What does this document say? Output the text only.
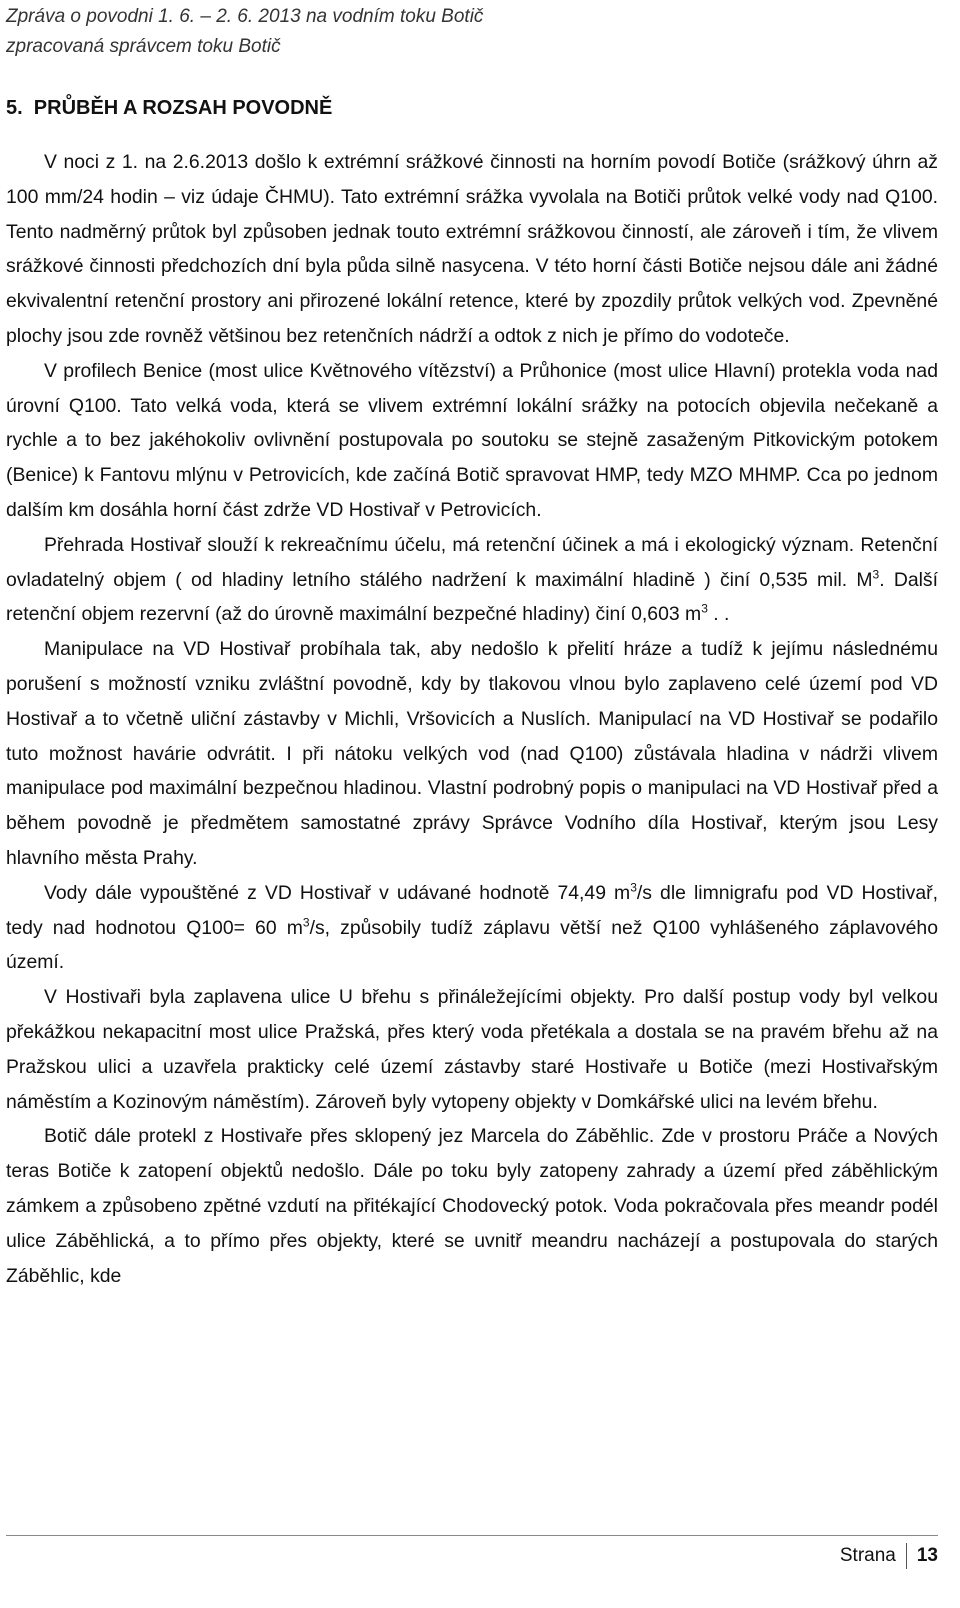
Zpráva o povodni 1. 6. – 2. 6. 2013 na vodním toku Botič
zpracovaná správcem toku Botič
5.  PRŮBĚH A ROZSAH POVODNĚ

V noci z 1. na 2.6.2013 došlo k extrémní srážkové činnosti na horním povodí Botiče (srážkový úhrn až 100 mm/24 hodin – viz údaje ČHMU). Tato extrémní srážka vyvolala na Botiči průtok velké vody nad Q100. Tento nadměrný průtok byl způsoben jednak touto extrémní srážkovou činností, ale zároveň i tím, že vlivem srážkové činnosti předchozích dní byla půda silně nasycena. V této horní části Botiče nejsou dále ani žádné ekvivalentní retenční prostory ani přirozené lokální retence, které by zpozdily průtok velkých vod. Zpevněné plochy jsou zde rovněž většinou bez retenčních nádrží a odtok z nich je přímo do vodoteče.

V profilech Benice (most ulice Květnového vítězství) a Průhonice (most ulice Hlavní) protekla voda nad úrovní Q100. Tato velká voda, která se vlivem extrémní lokální srážky na potocích objevila nečekaně a rychle a to bez jakéhokoliv ovlivnění postupovala po soutoku se stejně zasaženým Pitkovickým potokem (Benice) k Fantovu mlýnu v Petrovicích, kde začíná Botič spravovat HMP, tedy MZO MHMP. Cca po jednom dalším km dosáhla horní část zdrže VD Hostivař v Petrovicích.

Přehrada Hostivař slouží k rekreačnímu účelu, má retenční účinek a má i ekologický význam. Retenční ovladatelný objem ( od hladiny letního stálého nadržení k maximální hladině ) činí 0,535 mil. $M^3$. Další retenční objem rezervní (až do úrovně maximální bezpečné hladiny) činí 0,603 $m^3$ . .

Manipulace na VD Hostivař probíhala tak, aby nedošlo k přelití hráze a tudíž k jejímu následnému porušení s možností vzniku zvláštní povodně, kdy by tlakovou vlnou bylo zaplaveno celé území pod VD Hostivař a to včetně uliční zástavby v Michli, Vršovicích a Nuslích. Manipulací na VD Hostivař se podařilo tuto možnost havárie odvrátit. I při nátoku velkých vod (nad Q100) zůstávala hladina v nádrži vlivem manipulace pod maximální bezpečnou hladinou. Vlastní podrobný popis o manipulaci na VD Hostivař před a během povodně je předmětem samostatné zprávy Správce Vodního díla Hostivař, kterým jsou Lesy hlavního města Prahy.

Vody dále vypouštěné z VD Hostivař v udávané hodnotě 74,49 $m^3/s$ dle limnigrafu pod VD Hostivař, tedy nad hodnotou Q100= 60 $m^3/s$, způsobily tudíž záplavu větší než Q100 vyhlášeného záplavového území.

V Hostivaři byla zaplavena ulice U břehu s přináležejícími objekty. Pro další postup vody byl velkou překážkou nekapacitní most ulice Pražská, přes který voda přetékala a dostala se na pravém břehu až na Pražskou ulici a uzavřela prakticky celé území zástavby staré Hostivaře u Botiče (mezi Hostivařským náměstím a Kozinovým náměstím). Zároveň byly vytopeny objekty v Domkářské ulici na levém břehu.

Botič dále protekl z Hostivaře přes sklopený jez Marcela do Záběhlic. Zde v prostoru Práče a Nových teras Botiče k zatopení objektů nedošlo. Dále po toku byly zatopeny zahrady a území před záběhlickým zámkem a způsobeno zpětné vzdutí na přitékající Chodovecký potok. Voda pokračovala přes meandr podél ulice Záběhlická, a to přímo přes objekty, které se uvnitř meandru nacházejí a postupovala do starých Záběhlic, kde

Strana 13
